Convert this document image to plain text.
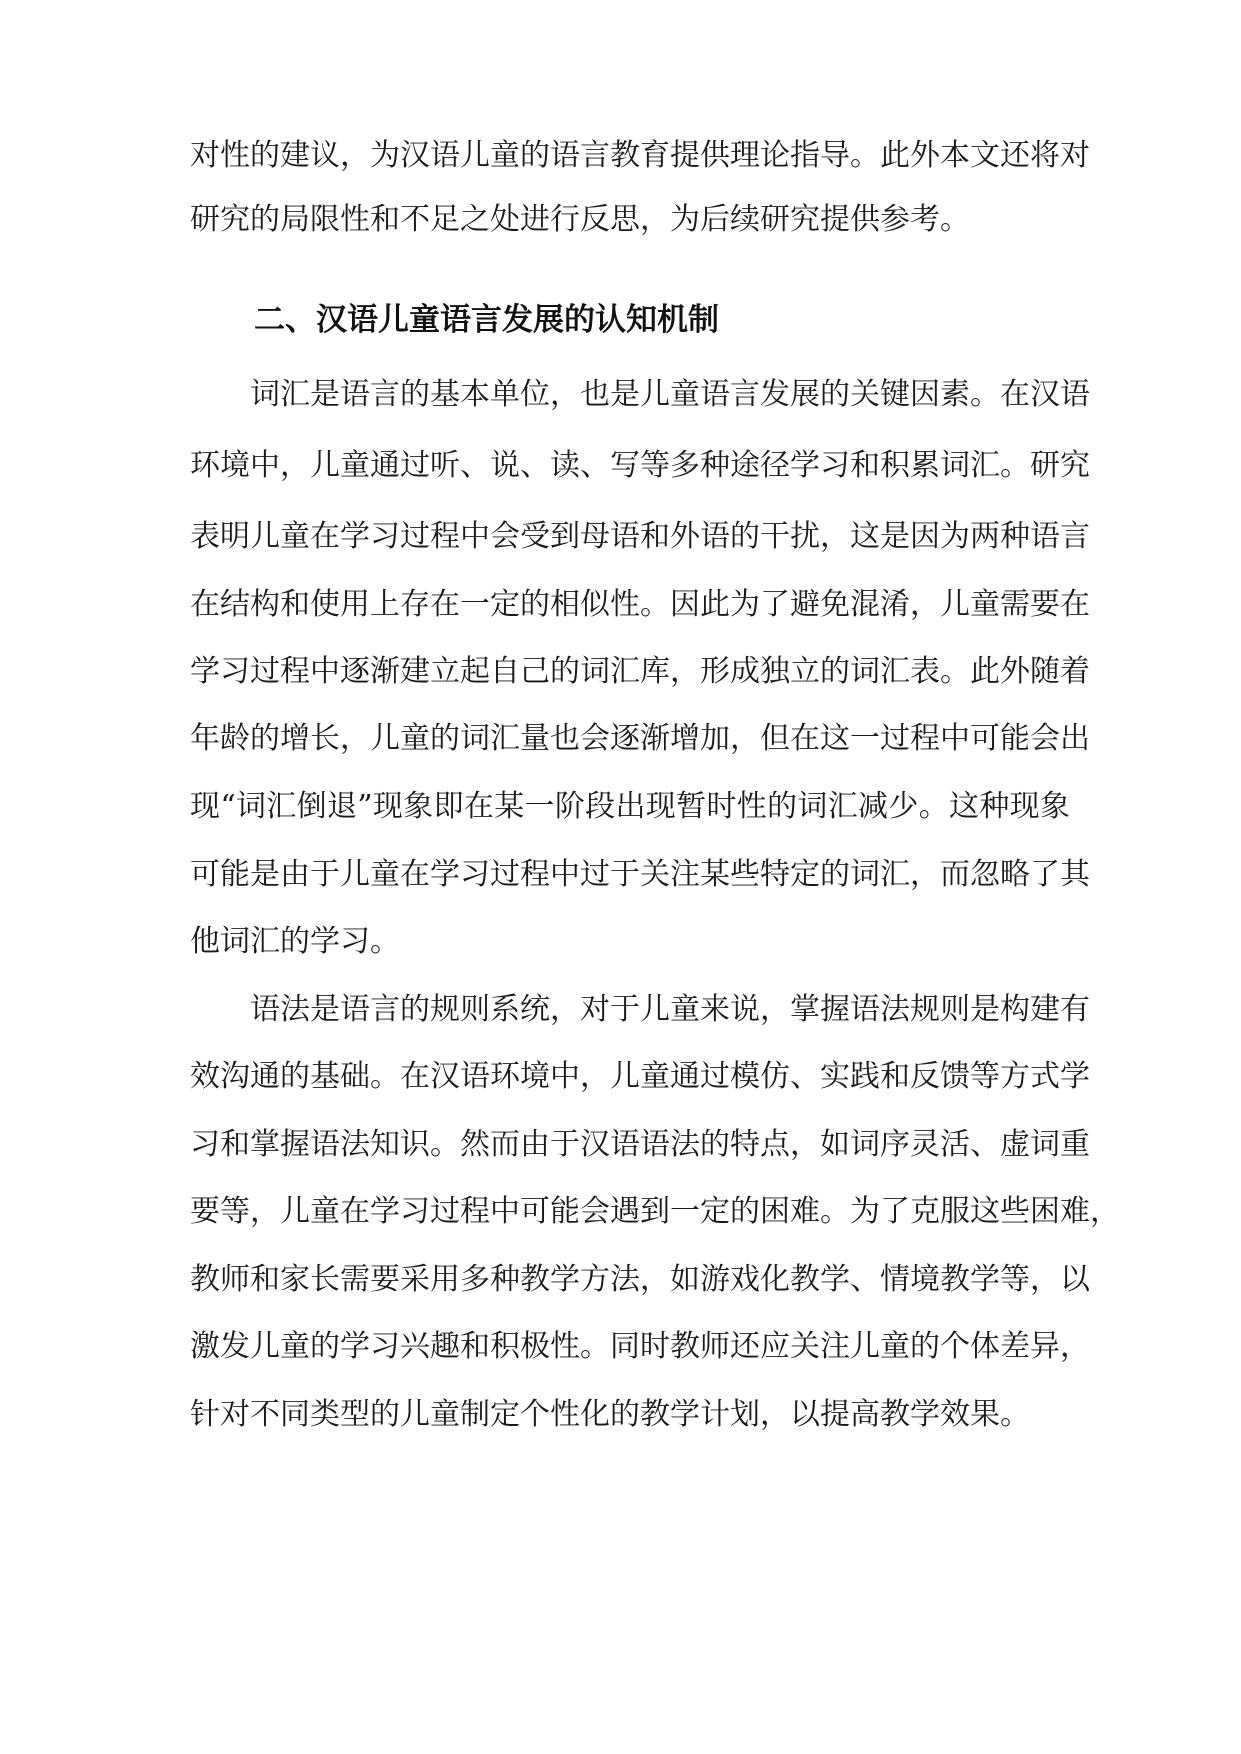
对性的建议，为汉语儿童的语言教育提供理论指导。此外本文还将对
研究的局限性和不足之处进行反思，为后续研究提供参考。
二、汉语儿童语言发展的认知机制
词汇是语言的基本单位，也是儿童语言发展的关键因素。在汉语
环境中，儿童通过听、说、读、写等多种途径学习和积累词汇。研究
表明儿童在学习过程中会受到母语和外语的干扰，这是因为两种语言
在结构和使用上存在一定的相似性。因此为了避免混淆，儿童需要在
学习过程中逐渐建立起自己的词汇库，形成独立的词汇表。此外随着
年龄的增长，儿童的词汇量也会逐渐增加，但在这一过程中可能会出
现“词汇倒退”现象即在某一阶段出现暂时性的词汇减少。这种现象
可能是由于儿童在学习过程中过于关注某些特定的词汇，而忽略了其
他词汇的学习。
语法是语言的规则系统，对于儿童来说，掌握语法规则是构建有
效沟通的基础。在汉语环境中，儿童通过模仿、实践和反馈等方式学
习和掌握语法知识。然而由于汉语语法的特点，如词序灵活、虚词重
要等，儿童在学习过程中可能会遇到一定的困难。为了克服这些困难，
教师和家长需要采用多种教学方法，如游戏化教学、情境教学等，以
激发儿童的学习兴趣和积极性。同时教师还应关注儿童的个体差异，
针对不同类型的儿童制定个性化的教学计划，以提高教学效果。
